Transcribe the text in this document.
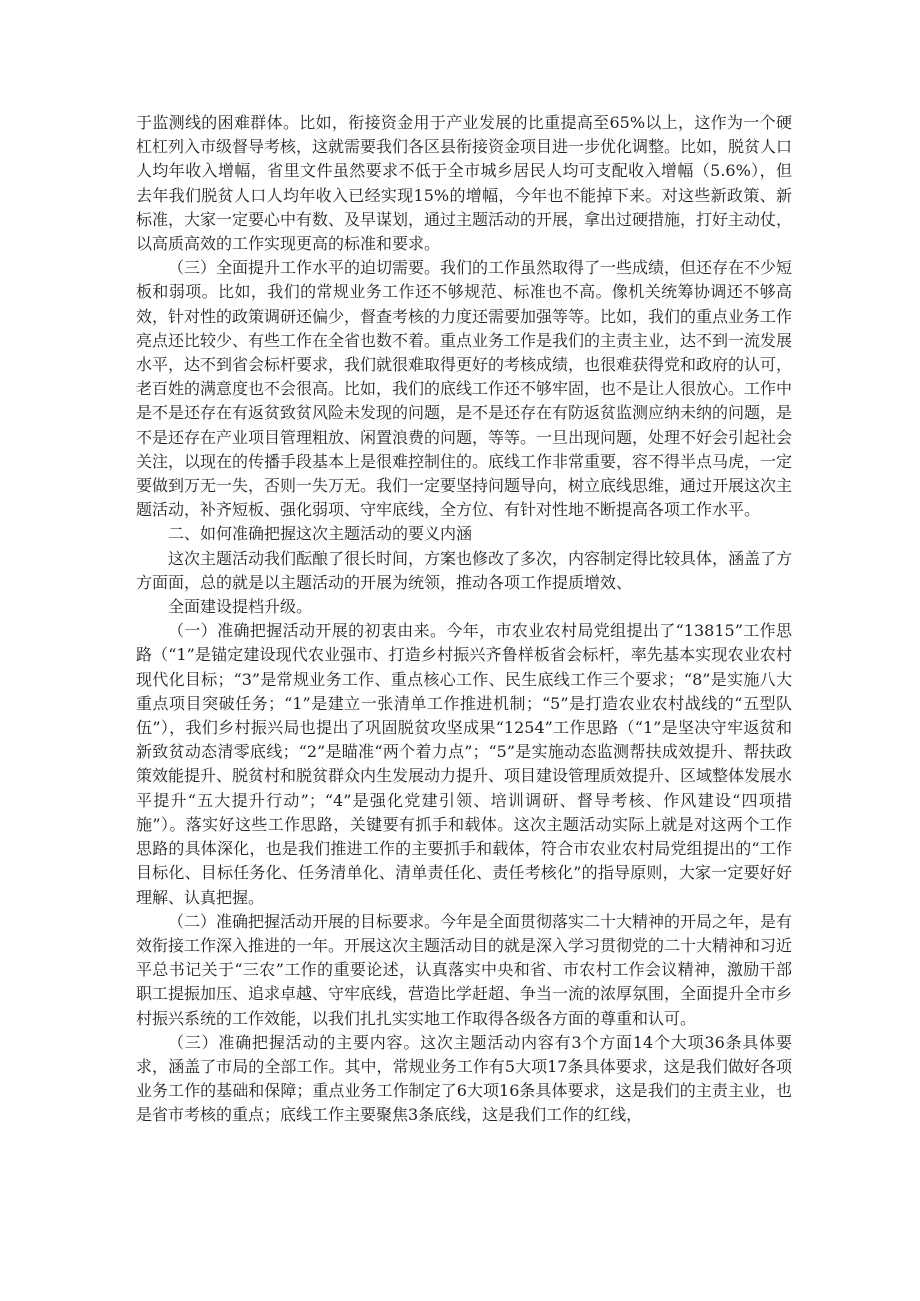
于监测线的困难群体。比如，衔接资金用于产业发展的比重提高至65%以上，这作为一个硬杠杠列入市级督导考核，这就需要我们各区县衔接资金项目进一步优化调整。比如，脱贫人口人均年收入增幅，省里文件虽然要求不低于全市城乡居民人均可支配收入增幅（5.6%），但去年我们脱贫人口人均年收入已经实现15%的增幅，今年也不能掉下来。对这些新政策、新标准，大家一定要心中有数、及早谋划，通过主题活动的开展，拿出过硬措施，打好主动仗，以高质高效的工作实现更高的标准和要求。

（三）全面提升工作水平的迫切需要。我们的工作虽然取得了一些成绩，但还存在不少短板和弱项。比如，我们的常规业务工作还不够规范、标准也不高。像机关统筹协调还不够高效，针对性的政策调研还偏少，督查考核的力度还需要加强等等。比如，我们的重点业务工作亮点还比较少、有些工作在全省也数不着。重点业务工作是我们的主责主业，达不到一流发展水平，达不到省会标杆要求，我们就很难取得更好的考核成绩，也很难获得党和政府的认可，老百姓的满意度也不会很高。比如，我们的底线工作还不够牢固，也不是让人很放心。工作中是不是还存在有返贫致贫风险未发现的问题，是不是还存在有防返贫监测应纳未纳的问题，是不是还存在产业项目管理粗放、闲置浪费的问题，等等。一旦出现问题，处理不好会引起社会关注，以现在的传播手段基本上是很难控制住的。底线工作非常重要，容不得半点马虎，一定要做到万无一失，否则一失万无。我们一定要坚持问题导向，树立底线思维，通过开展这次主题活动，补齐短板、强化弱项、守牢底线，全方位、有针对性地不断提高各项工作水平。

二、如何准确把握这次主题活动的要义内涵

这次主题活动我们酝酿了很长时间，方案也修改了多次，内容制定得比较具体，涵盖了方方面面，总的就是以主题活动的开展为统领，推动各项工作提质增效、

全面建设提档升级。

（一）准确把握活动开展的初衷由来。今年，市农业农村局党组提出了“13815”工作思路（“1”是锚定建设现代农业强市、打造乡村振兴齐鲁样板省会标杆，率先基本实现农业农村现代化目标；“3”是常规业务工作、重点核心工作、民生底线工作三个要求；“8”是实施八大重点项目突破任务；“1”是建立一张清单工作推进机制；“5”是打造农业农村战线的“五型队伍”），我们乡村振兴局也提出了巩固脱贫攻坚成果“1254”工作思路（“1”是坚决守牢返贫和新致贫动态清零底线；“2”是瞄准“两个着力点”；“5”是实施动态监测帮扶成效提升、帮扶政策效能提升、脱贫村和脱贫群众内生发展动力提升、项目建设管理质效提升、区域整体发展水平提升“五大提升行动”；“4”是强化党建引领、培训调研、督导考核、作风建设“四项措施”）。落实好这些工作思路，关键要有抓手和载体。这次主题活动实际上就是对这两个工作思路的具体深化，也是我们推进工作的主要抓手和载体，符合市农业农村局党组提出的“工作目标化、目标任务化、任务清单化、清单责任化、责任考核化”的指导原则，大家一定要好好理解、认真把握。

（二）准确把握活动开展的目标要求。今年是全面贯彻落实二十大精神的开局之年，是有效衔接工作深入推进的一年。开展这次主题活动目的就是深入学习贯彻党的二十大精神和习近平总书记关于“三农”工作的重要论述，认真落实中央和省、市农村工作会议精神，激励干部职工提振加压、追求卓越、守牢底线，营造比学赶超、争当一流的浓厚氛围，全面提升全市乡村振兴系统的工作效能，以我们扎扎实实地工作取得各级各方面的尊重和认可。

（三）准确把握活动的主要内容。这次主题活动内容有3个方面14个大项36条具体要求，涵盖了市局的全部工作。其中，常规业务工作有5大项17条具体要求，这是我们做好各项业务工作的基础和保障；重点业务工作制定了6大项16条具体要求，这是我们的主责主业，也是省市考核的重点；底线工作主要聚焦3条底线，这是我们工作的红线，
